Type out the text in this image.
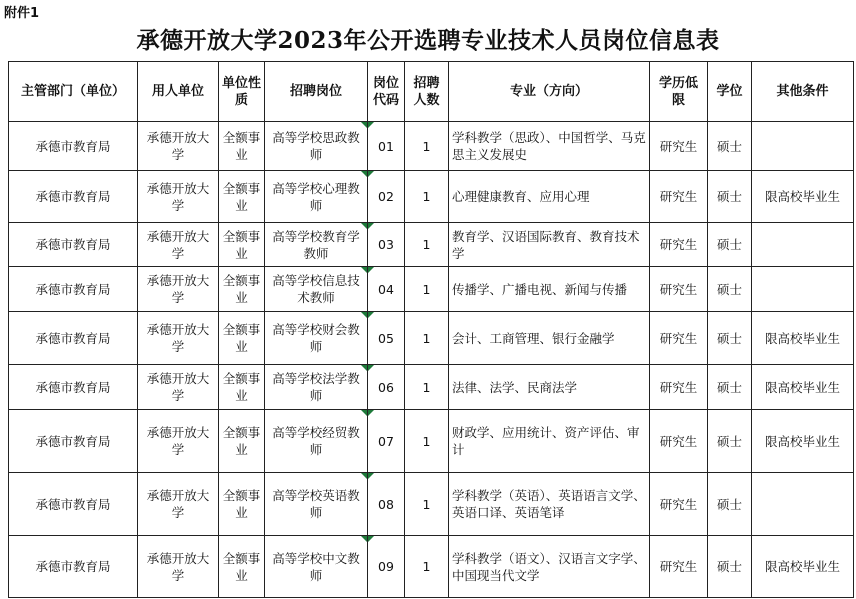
附件1
承德开放大学2023年公开选聘专业技术人员岗位信息表
主管部门（单位）	用人单位	单位性质	招聘岗位	岗位代码	招聘人数	专业（方向）	学历低限	学位	其他条件
承德市教育局	承德开放大学	全额事业	高等学校思政教师	01	1	学科教学（思政）、中国哲学、马克思主义发展史	研究生	硕士	
承德市教育局	承德开放大学	全额事业	高等学校心理教师	02	1	心理健康教育、应用心理	研究生	硕士	限高校毕业生
承德市教育局	承德开放大学	全额事业	高等学校教育学教师	03	1	教育学、汉语国际教育、教育技术学	研究生	硕士	
承德市教育局	承德开放大学	全额事业	高等学校信息技术教师	04	1	传播学、广播电视、新闻与传播	研究生	硕士	
承德市教育局	承德开放大学	全额事业	高等学校财会教师	05	1	会计、工商管理、银行金融学	研究生	硕士	限高校毕业生
承德市教育局	承德开放大学	全额事业	高等学校法学教师	06	1	法律、法学、民商法学	研究生	硕士	限高校毕业生
承德市教育局	承德开放大学	全额事业	高等学校经贸教师	07	1	财政学、应用统计、资产评估、审计	研究生	硕士	限高校毕业生
承德市教育局	承德开放大学	全额事业	高等学校英语教师	08	1	学科教学（英语）、英语语言文学、英语口译、英语笔译	研究生	硕士	
承德市教育局	承德开放大学	全额事业	高等学校中文教师	09	1	学科教学（语文）、汉语言文字学、中国现当代文学	研究生	硕士	限高校毕业生
